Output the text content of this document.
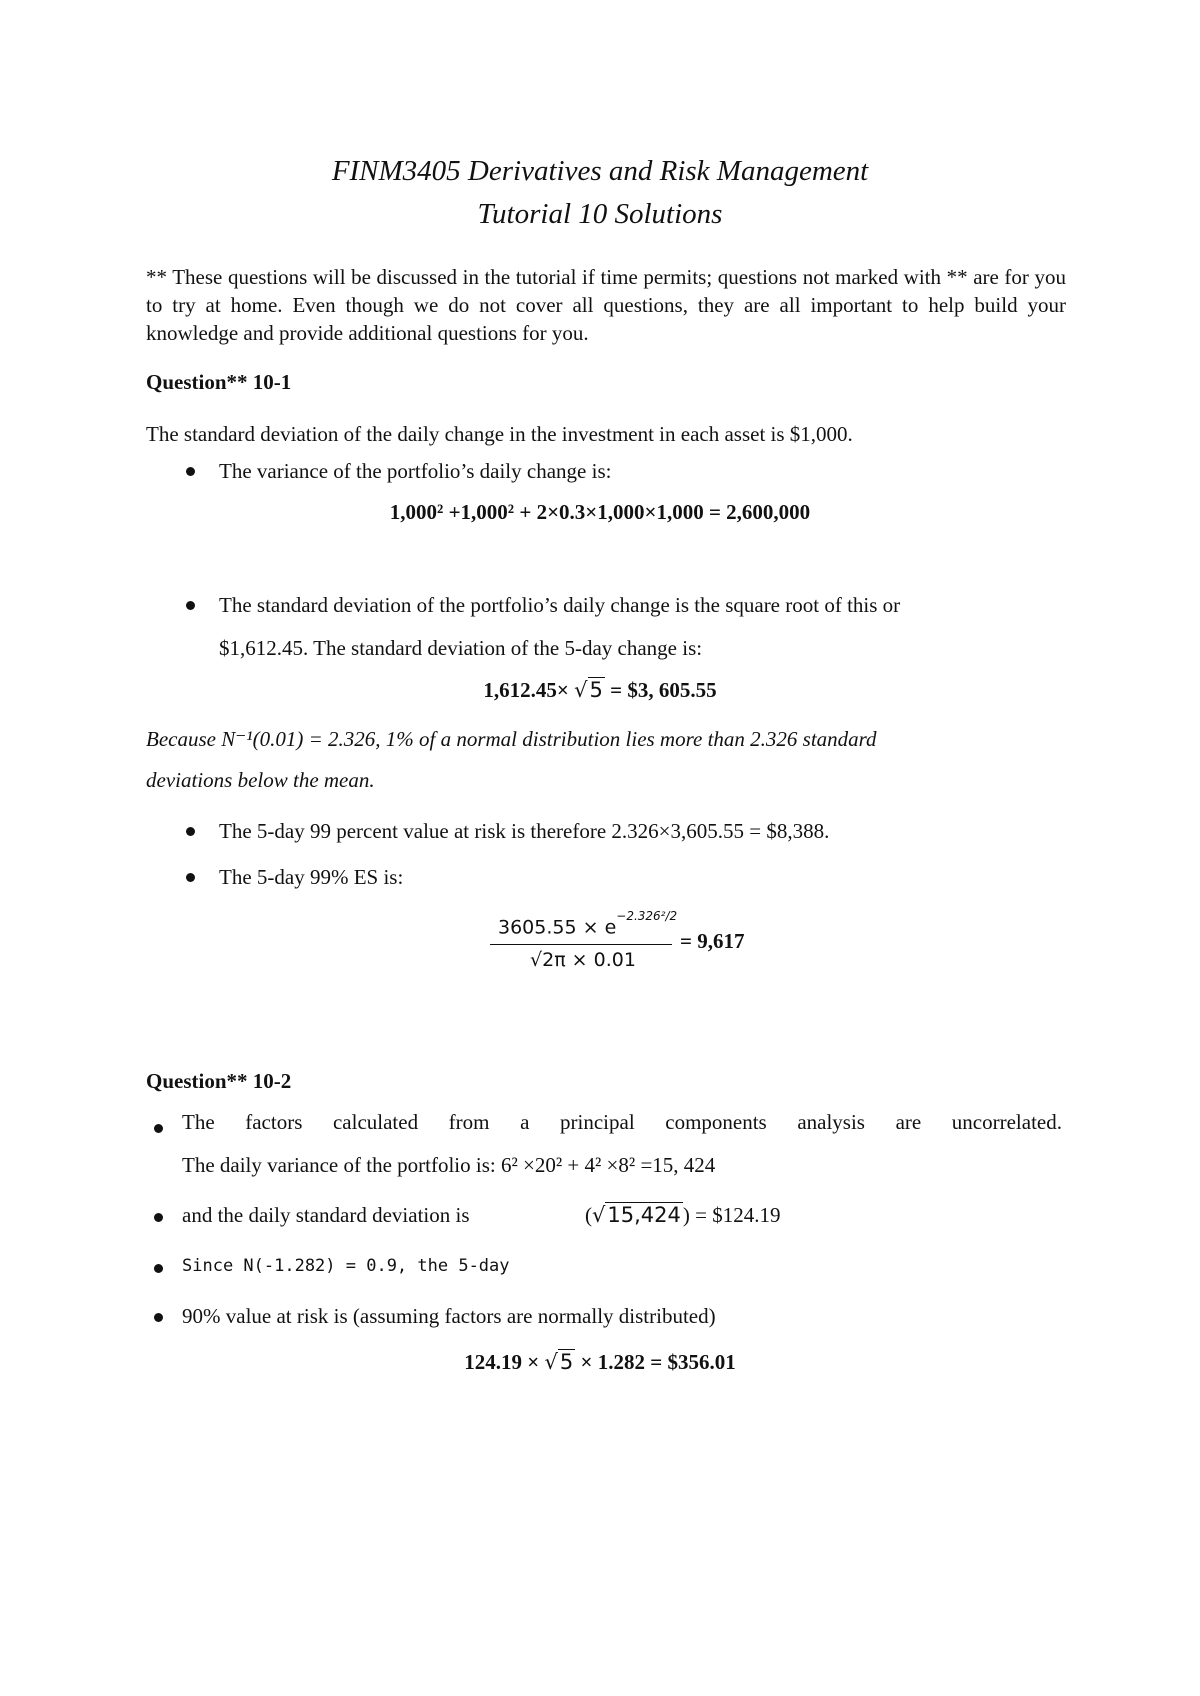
FINM3405 Derivatives and Risk Management
Tutorial 10 Solutions
** These questions will be discussed in the tutorial if time permits; questions not marked with ** are for you to try at home. Even though we do not cover all questions, they are all important to help build your knowledge and provide additional questions for you.
Question** 10-1
The standard deviation of the daily change in the investment in each asset is $1,000.
The variance of the portfolio’s daily change is:
1,000² +1,000² + 2×0.3×1,000×1,000 = 2,600,000
The standard deviation of the portfolio’s daily change is the square root of this or
$1,612.45. The standard deviation of the 5-day change is:
1,612.45× √5 = $3, 605.55
Because N⁻¹(0.01) = 2.326, 1% of a normal distribution lies more than 2.326 standard
deviations below the mean.
The 5-day 99 percent value at risk is therefore 2.326×3,605.55 = $8,388.
The 5-day 99% ES is:
$3605.55 \times e^{-2.326^2/2}$
√2π × 0.01
= 9,617
Question** 10-2
The factors calculated from a principal components analysis are uncorrelated.
The daily variance of the portfolio is: 6² ×20² + 4² ×8² =15, 424
and the daily standard deviation is	(√15,424) = $124.19
Since N(-1.282) = 0.9, the 5-day
90% value at risk is (assuming factors are normally distributed)
124.19 × √5 × 1.282 = $356.01
